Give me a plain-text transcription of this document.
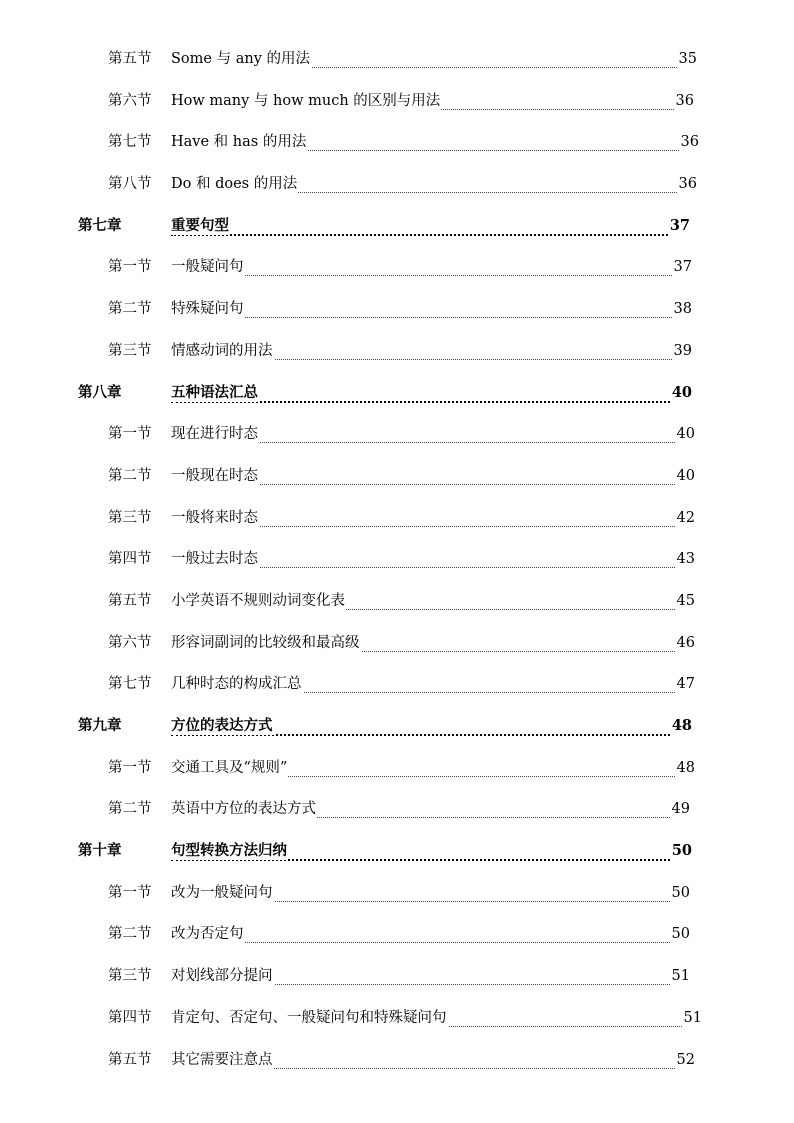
第五节 Some 与 any 的用法	35
第六节 How many 与 how much 的区别与用法	36
第七节 Have 和 has 的用法	36
第八节 Do 和 does 的用法	36
第七章	重要句型	37
第一节 一般疑问句	37
第二节 特殊疑问句	38
第三节 情感动词的用法	39
第八章	五种语法汇总	40
第一节 现在进行时态	40
第二节 一般现在时态	40
第三节 一般将来时态	42
第四节 一般过去时态	43
第五节 小学英语不规则动词变化表	45
第六节 形容词副词的比较级和最高级	46
第七节 几种时态的构成汇总	47
第九章	方位的表达方式	48
第一节 交通工具及“规则”	48
第二节 英语中方位的表达方式	49
第十章	句型转换方法归纳	50
第一节 改为一般疑问句	50
第二节 改为否定句	50
第三节 对划线部分提问	51
第四节 肯定句、否定句、一般疑问句和特殊疑问句	51
第五节 其它需要注意点	52
